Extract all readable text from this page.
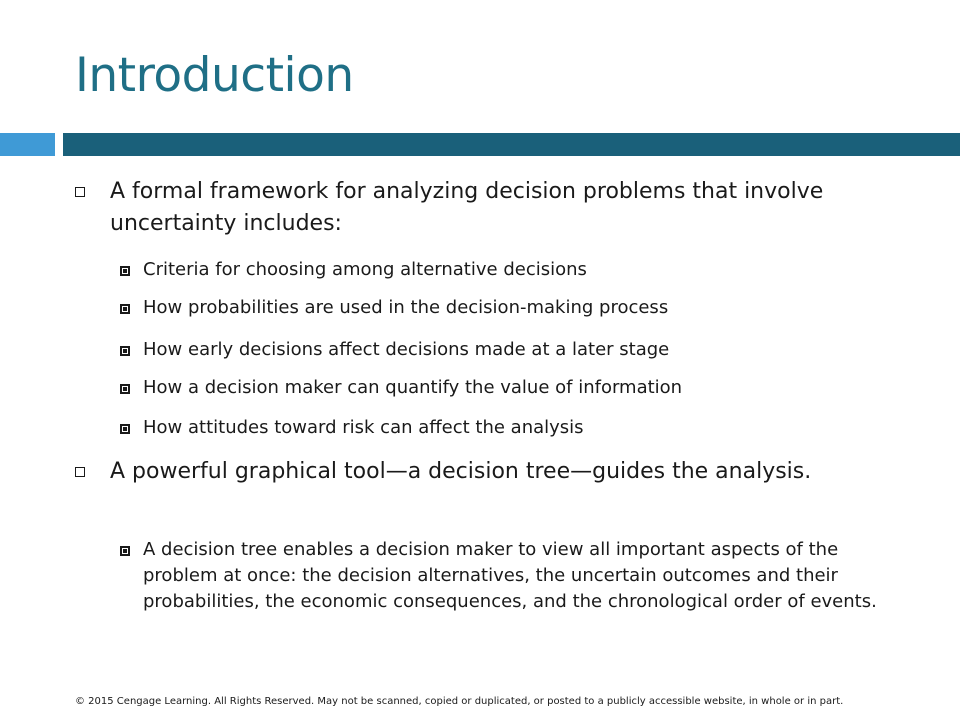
Introduction
A formal framework for analyzing decision problems that involve uncertainty includes:
Criteria for choosing among alternative decisions
How probabilities are used in the decision-making process
How early decisions affect decisions made at a later stage
How a decision maker can quantify the value of information
How attitudes toward risk can affect the analysis
A powerful graphical tool—a decision tree—guides the analysis.
A decision tree enables a decision maker to view all important aspects of the problem at once: the decision alternatives, the uncertain outcomes and their probabilities, the economic consequences, and the chronological order of events.
© 2015 Cengage Learning. All Rights Reserved. May not be scanned, copied or duplicated, or posted to a publicly accessible website, in whole or in part.
